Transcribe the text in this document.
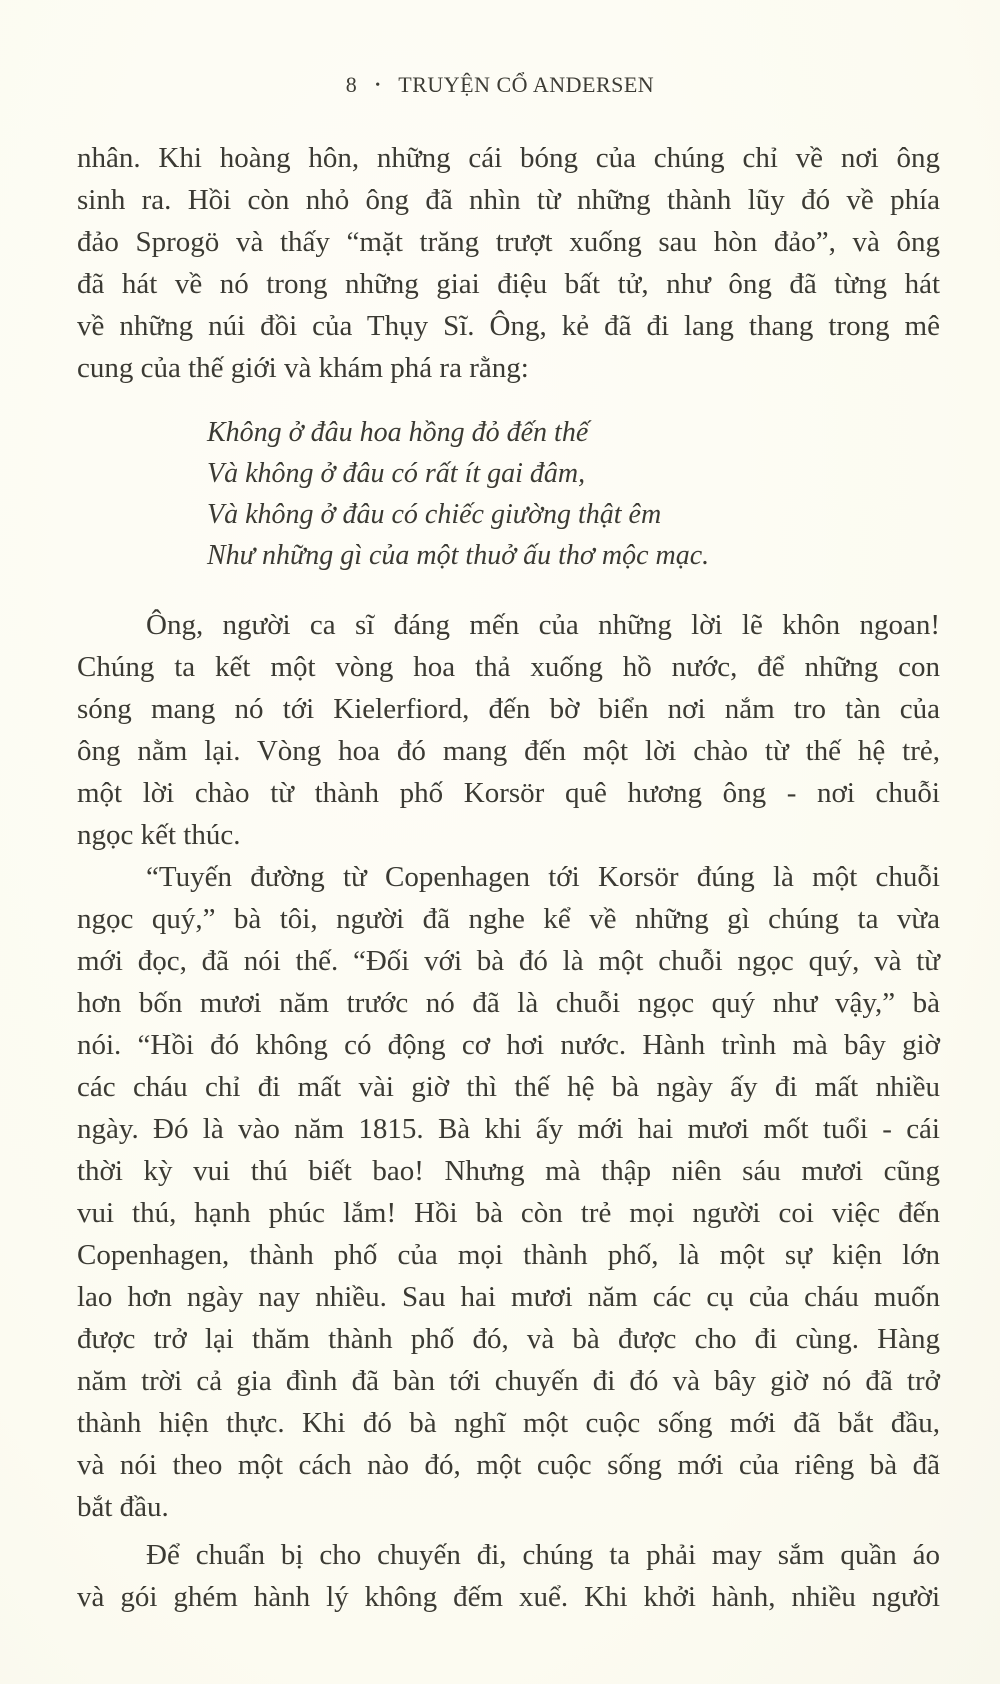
8 • TRUYỆN CỔ ANDERSEN
nhân. Khi hoàng hôn, những cái bóng của chúng chỉ về nơi ông
sinh ra. Hồi còn nhỏ ông đã nhìn từ những thành lũy đó về phía
đảo Sprogö và thấy “mặt trăng trượt xuống sau hòn đảo”, và ông
đã hát về nó trong những giai điệu bất tử, như ông đã từng hát
về những núi đồi của Thụy Sĩ. Ông, kẻ đã đi lang thang trong mê
cung của thế giới và khám phá ra rằng:
Không ở đâu hoa hồng đỏ đến thế
Và không ở đâu có rất ít gai đâm,
Và không ở đâu có chiếc giường thật êm
Như những gì của một thuở ấu thơ mộc mạc.
Ông, người ca sĩ đáng mến của những lời lẽ khôn ngoan!
Chúng ta kết một vòng hoa thả xuống hồ nước, để những con
sóng mang nó tới Kielerfiord, đến bờ biển nơi nắm tro tàn của
ông nằm lại. Vòng hoa đó mang đến một lời chào từ thế hệ trẻ,
một lời chào từ thành phố Korsör quê hương ông - nơi chuỗi
ngọc kết thúc.
“Tuyến đường từ Copenhagen tới Korsör đúng là một chuỗi
ngọc quý,” bà tôi, người đã nghe kể về những gì chúng ta vừa
mới đọc, đã nói thế. “Đối với bà đó là một chuỗi ngọc quý, và từ
hơn bốn mươi năm trước nó đã là chuỗi ngọc quý như vậy,” bà
nói. “Hồi đó không có động cơ hơi nước. Hành trình mà bây giờ
các cháu chỉ đi mất vài giờ thì thế hệ bà ngày ấy đi mất nhiều
ngày. Đó là vào năm 1815. Bà khi ấy mới hai mươi mốt tuổi - cái
thời kỳ vui thú biết bao! Nhưng mà thập niên sáu mươi cũng
vui thú, hạnh phúc lắm! Hồi bà còn trẻ mọi người coi việc đến
Copenhagen, thành phố của mọi thành phố, là một sự kiện lớn
lao hơn ngày nay nhiều. Sau hai mươi năm các cụ của cháu muốn
được trở lại thăm thành phố đó, và bà được cho đi cùng. Hàng
năm trời cả gia đình đã bàn tới chuyến đi đó và bây giờ nó đã trở
thành hiện thực. Khi đó bà nghĩ một cuộc sống mới đã bắt đầu,
và nói theo một cách nào đó, một cuộc sống mới của riêng bà đã
bắt đầu.
Để chuẩn bị cho chuyến đi, chúng ta phải may sắm quần áo
và gói ghém hành lý không đếm xuể. Khi khởi hành, nhiều người
